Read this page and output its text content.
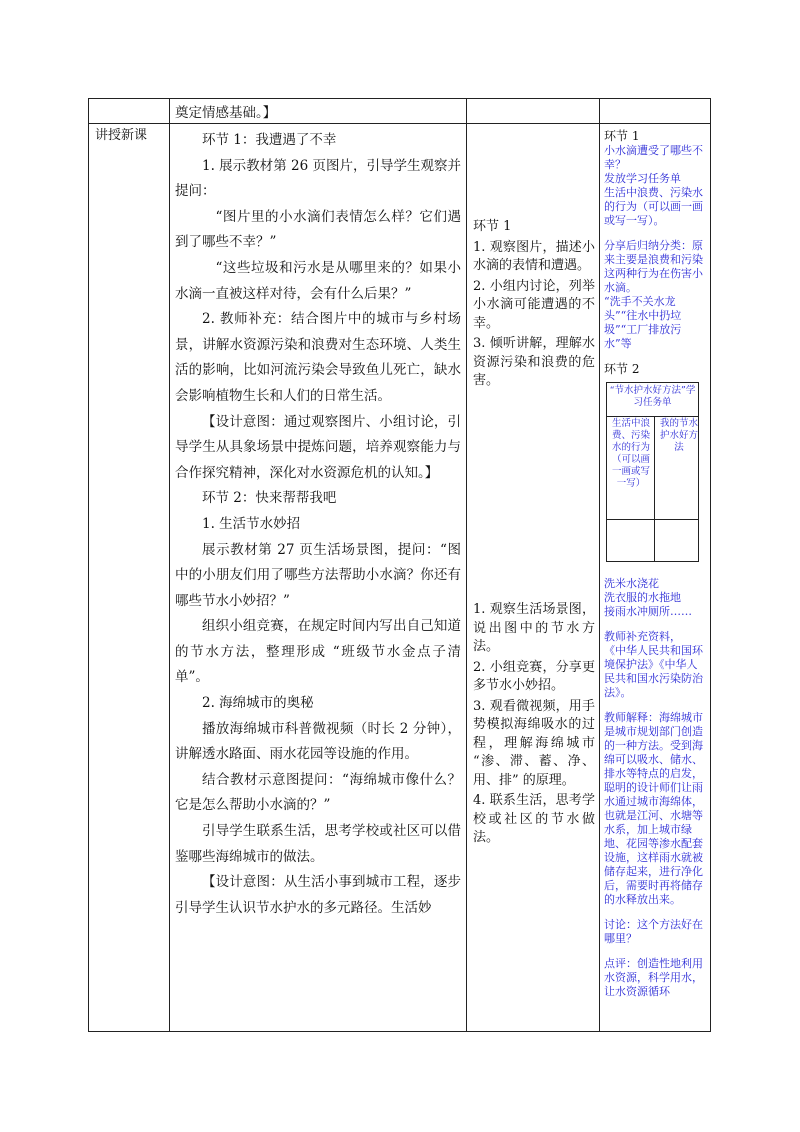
奠定情感基础。】

讲授新课	环节 1：我遭遇了不幸

1. 展示教材第 26 页图片，引导学生观察并提问：

“图片里的小水滴们表情怎么样？它们遇到了哪些不幸？”

“这些垃圾和污水是从哪里来的？如果小水滴一直被这样对待，会有什么后果？”

2. 教师补充：结合图片中的城市与乡村场景，讲解水资源污染和浪费对生态环境、人类生活的影响，比如河流污染会导致鱼儿死亡，缺水会影响植物生长和人们的日常生活。

【设计意图：通过观察图片、小组讨论，引导学生从具象场景中提炼问题，培养观察能力与合作探究精神，深化对水资源危机的认知。】

环节 2：快来帮帮我吧

1. 生活节水妙招

展示教材第 27 页生活场景图，提问：“图中的小朋友们用了哪些方法帮助小水滴？你还有哪些节水小妙招？”

组织小组竞赛，在规定时间内写出自己知道的节水方法，整理形成 “班级节水金点子清单”。

2. 海绵城市的奥秘

播放海绵城市科普微视频（时长 2 分钟），讲解透水路面、雨水花园等设施的作用。

结合教材示意图提问：“海绵城市像什么？它是怎么帮助小水滴的？”

引导学生联系生活，思考学校或社区可以借鉴哪些海绵城市的做法。

【设计意图：从生活小事到城市工程，逐步引导学生认识节水护水的多元路径。生活妙

环节 1

1. 观察图片，描述小水滴的表情和遭遇。

2. 小组内讨论，列举小水滴可能遭遇的不幸。

3. 倾听讲解，理解水资源污染和浪费的危害。

1. 观察生活场景图，说出图中的节水方法。

2. 小组竞赛，分享更多节水小妙招。

3. 观看微视频，用手势模拟海绵吸水的过程，理解海绵城市 “渗、滞、蓄、净、用、排” 的原理。

4. 联系生活，思考学校或社区的节水做法。

环节 1

小水滴遭受了哪些不幸？

发放学习任务单

生活中浪费、污染水的行为（可以画一画或写一写）。

分享后归纳分类：原来主要是浪费和污染这两种行为在伤害小水滴。

“洗手不关水龙头”“往水中扔垃圾”“工厂排放污水”等

环节 2

洗米水浇花

洗衣服的水拖地

接雨水冲厕所……

教师补充资料，

《中华人民共和国环境保护法》《中华人民共和国水污染防治法》。

教师解释：海绵城市是城市规划部门创造的一种方法。受到海绵可以吸水、储水、排水等特点的启发，聪明的设计师们让雨水通过城市海绵体，也就是江河、水塘等水系，加上城市绿地、花园等渗水配套设施，这样雨水就被储存起来，进行净化后，需要时再将储存的水释放出来。

讨论：这个方法好在哪里？

点评：创造性地利用水资源，科学用水，让水资源循环

“节水护水好方法”学习任务单
生活中浪费、污染水的行为（可以画一画或写一写）
我的节水护水好方法
